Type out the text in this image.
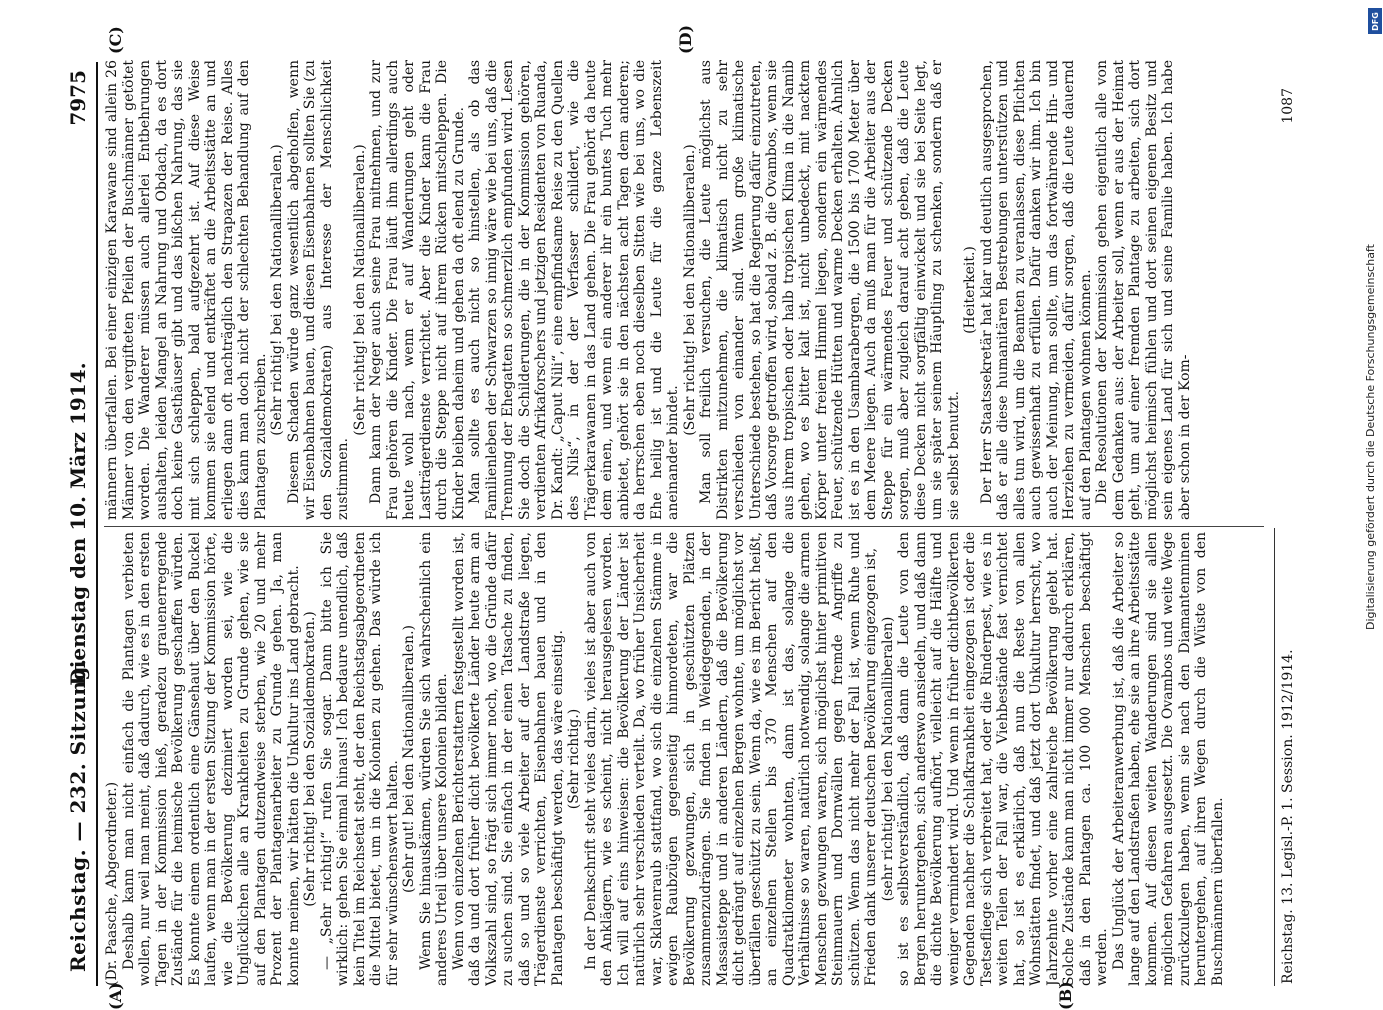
Reichstag. — 232. Sitzung.
Dienstag den 10. März 1914.
7975
(A)	(B)
(C)	(D)

(Dr. Paasche, Abgeordneter.) Deshalb kann man nicht einfach die Plantagen verbieten wollen, nur weil man meint, daß dadurch, wie es in den ersten Tagen in der Kommission hieß, geradezu grauenerregende Zustände für die heimische Bevölkerung geschaffen würden. Es konnte einem ordentlich eine Gänsehaut über den Buckel laufen, wenn man in der ersten Sitzung der Kommission hörte, wie die Bevölkerung dezimiert worden sei, wie die Unglücklichen alle an Krankheiten zu Grunde gehen, wie sie auf den Plantagen dutzendweise sterben, wie 20 und mehr Prozent der Plantagenarbeiter zu Grunde gehen. Ja, man konnte meinen, wir hätten die Unkultur ins Land gebracht. (Sehr richtig! bei den Sozialdemokraten.) — „Sehr richtig!“ rufen Sie sogar. Dann bitte ich Sie wirklich: gehen Sie einmal hinaus! Ich bedaure unendlich, daß kein Titel im Reichsetat steht, der den Reichstagsabgeordneten die Mittel bietet, um in die Kolonien zu gehen. Das würde ich für sehr wünschenswert halten. (Sehr gut! bei den Nationalliberalen.) Wenn Sie hinauskämen, würden Sie sich wahrscheinlich ein anderes Urteil über unsere Kolonien bilden. Wenn von einzelnen Berichterstattern festgestellt worden ist, daß da und dort früher dicht bevölkerte Länder heute arm an Volkszahl sind, so frägt sich immer noch, wo die Gründe dafür zu suchen sind. Sie einfach in der einen Tatsache zu finden, daß so und so viele Arbeiter auf der Landstraße liegen, Trägerdienste verrichten, Eisenbahnen bauen und in den Plantagen beschäftigt werden, das wäre einseitig. (Sehr richtig.) In der Denkschrift steht vieles darin, vieles ist aber auch von den Anklägern, wie es scheint, nicht herausgelesen worden. Ich will auf eins hinweisen: die Bevölkerung der Länder ist natürlich sehr verschieden verteilt. Da, wo früher Unsicherheit war, Sklavenraub stattfand, wo sich die einzelnen Stämme in ewigen Raubzügen gegenseitig hinmordeten, war die Bevölkerung gezwungen, sich in geschützten Plätzen zusammenzudrängen. Sie finden in Weidegegenden, in der Massaisteppe und in anderen Ländern, daß die Bevölkerung dicht gedrängt auf einzelnen Bergen wohnte, um möglichst vor überfällen geschützt zu sein. Wenn da, wie es im Bericht heißt, an einzelnen Stellen bis 370 Menschen auf den Quadratkilometer wohnten, dann ist das, solange die Verhältnisse so waren, natürlich notwendig, solange die armen Menschen gezwungen waren, sich möglichst hinter primitiven Steinmauern und Dornwällen gegen fremde Angriffe zu schützen. Wenn das nicht mehr der Fall ist, wenn Ruhe und Frieden dank unserer deutschen Bevölkerung eingezogen ist, (sehr richtig! bei den Nationalliberalen) so ist es selbstverständlich, daß dann die Leute von den Bergen heruntergehen, sich anderswo ansiedeln, und daß dann die dichte Bevölkerung aufhört, vielleicht auf die Hälfte und weniger vermindert wird. Und wenn in früher dichtbevölkerten Gegenden nachher die Schlafkrankheit eingezogen ist oder die Tsetsefliege sich verbreitet hat, oder die Rinderpest, wie es in weiten Teilen der Fall war, die Viehbestände fast vernichtet hat, so ist es erklärlich, daß nun die Reste von allen Wohnstätten findet, und daß jetzt dort Unkultur herrscht, wo Jahrzehnte vorher eine zahlreiche Bevölkerung gelebt hat. Solche Zustände kann man nicht immer nur dadurch erklären, daß in den Plantagen ca. 100 000 Menschen beschäftigt werden. Das Unglück der Arbeiteranwerbung ist, daß die Arbeiter so lange auf den Landstraßen haben, ehe sie an ihre Arbeitsstätte kommen. Auf diesen weiten Wanderungen sind sie allen möglichen Gefahren ausgesetzt. Die Ovambos und weite Wege zurückzulegen haben, wenn sie nach den Diamantenminen heruntergehen, auf ihren Wegen durch die Wüste von den Buschmännern überfallen.

männern überfallen. Bei einer einzigen Karawane sind allein 26 Männer von den vergifteten Pfeilen der Buschmänner getötet worden. Die Wanderer müssen auch allerlei Entbehrungen aushalten, leiden Mangel an Nahrung und Obdach, da es dort doch keine Gasthäuser gibt und das bißchen Nahrung, das sie mit sich schleppen, bald aufgezehrt ist. Auf diese Weise kommen sie elend und entkräftet an die Arbeitsstätte an und erliegen dann oft nachträglich den Strapazen der Reise. Alles dies kann man doch nicht der schlechten Behandlung auf den Plantagen zuschreiben.

(Sehr richtig! bei den Nationalliberalen.) Diesem Schaden würde ganz wesentlich abgeholfen, wenn wir Eisenbahnen bauen, und diesen Eisenbahnen sollten Sie (zu den Sozialdemokraten) aus Interesse der Menschlichkeit zustimmen.

(Sehr richtig! bei den Nationalliberalen.) Dann kann der Neger auch seine Frau mitnehmen, und zur Frau gehören die Kinder. Die Frau läuft ihm allerdings auch heute wohl nach, wenn er auf Wanderungen geht oder Lastträgerdienste verrichtet. Aber die Kinder kann die Frau durch die Steppe nicht auf ihrem Rücken mitschleppen. Die Kinder bleiben daheim und gehen da oft elend zu Grunde. Man sollte es auch nicht so hinstellen, als ob das Familienleben der Schwarzen so innig wäre wie bei uns, daß die Trennung der Ehegatten so schmerzlich empfunden wird. Lesen Sie doch die Schilderungen, die in der Kommission gehören, verdienten Afrikaforschers und jetzigen Residenten von Ruanda, Dr. Kandt: „Caput Nili“, eine empfindsame Reise zu den Quellen des Nils“, in der der Verfasser schildert, wie die Trägerkarawanen in das Land gehen. Die Frau gehört da heute dem einen, und wenn ein anderer ihr ein buntes Tuch mehr anbietet, gehört sie in den nächsten acht Tagen dem anderen; da herrschen eben noch dieselben Sitten wie bei uns, wo die Ehe heilig ist und die Leute für die ganze Lebenszeit aneinander bindet.

(Sehr richtig! bei den Nationalliberalen.) Man soll freilich versuchen, die Leute möglichst aus Distrikten mitzunehmen, die klimatisch nicht zu sehr verschieden von einander sind. Wenn große klimatische Unterschiede bestehen, so hat die Regierung dafür einzutreten, daß Vorsorge getroffen wird, sobald z. B. die Ovambos, wenn sie aus ihrem tropischen oder halb tropischen Klima in die Namib gehen, wo es bitter kalt ist, nicht unbedeckt, mit nacktem Körper unter freiem Himmel liegen, sondern ein wärmendes Feuer, schützende Hütten und warme Decken erhalten. Ähnlich ist es in den Usambarabergen, die 1500 bis 1700 Meter über dem Meere liegen. Auch da muß man für die Arbeiter aus der Steppe für ein wärmendes Feuer und schützende Decken sorgen, muß aber zugleich darauf acht geben, daß die Leute diese Decken nicht sorgfältig einwickelt und sie bei Seite legt, um sie später seinem Häuptling zu schenken, sondern daß er sie selbst benutzt.

(Heiterkeit.) Der Herr Staatssekretär hat klar und deutlich ausgesprochen, daß er alle diese humanitären Bestrebungen unterstützen und alles tun wird, um die Beamten zu veranlassen, diese Pflichten auch gewissenhaft zu erfüllen. Dafür danken wir ihm. Ich bin auch der Meinung, man sollte, um das fortwährende Hin- und Herziehen zu vermeiden, dafür sorgen, daß die Leute dauernd auf den Plantagen wohnen können. Die Resolutionen der Kommission gehen eigentlich alle von dem Gedanken aus: der Arbeiter soll, wenn er aus der Heimat geht, um auf einer fremden Plantage zu arbeiten, sich dort möglichst heimisch fühlen und dort seinen eigenen Besitz und sein eigenes Land für sich und seine Familie haben. Ich habe aber schon in der Kom-

Reichstag. 13. Legisl.-P. 1. Session. 1912/1914.
1087
Digitalisierung gefördert durch die Deutsche Forschungsgemeinschaft
DFG
